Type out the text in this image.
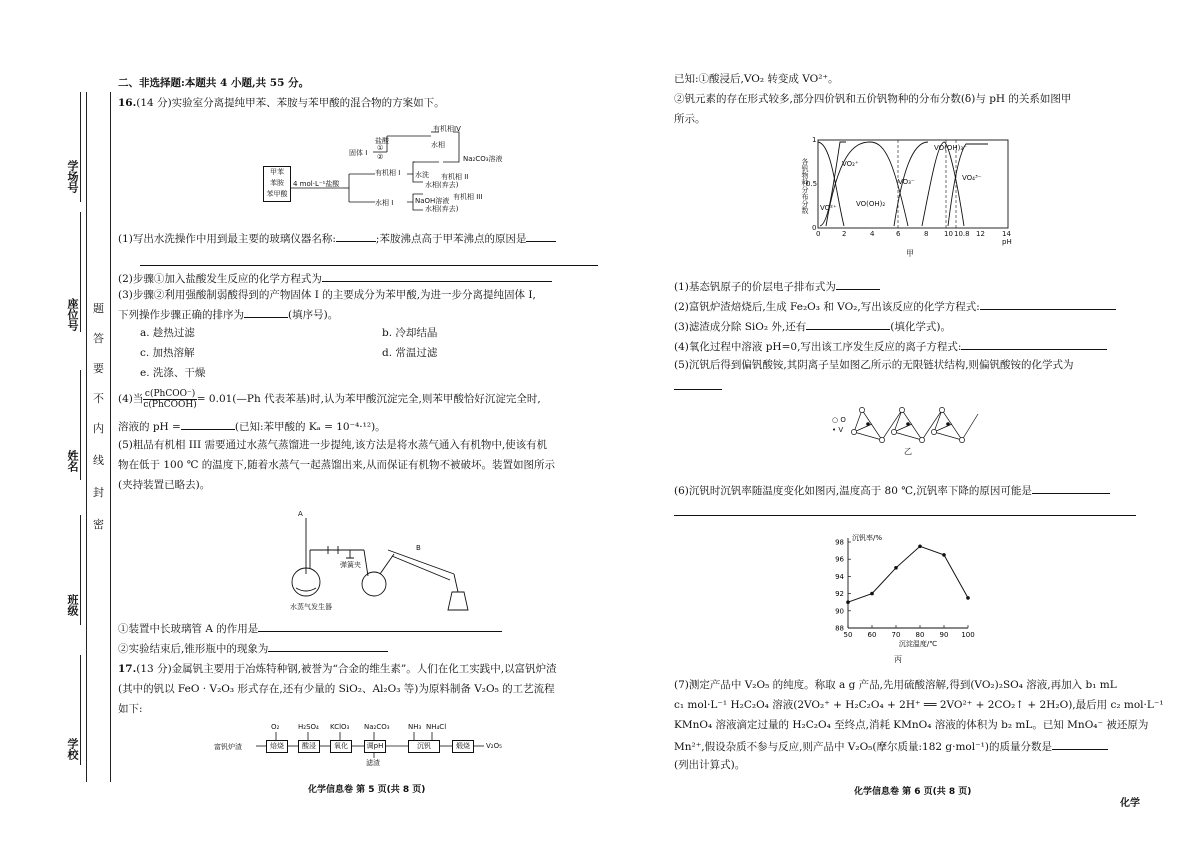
学场号
座位号
姓名
班级
学校
题
答
要
不
内
线
封
密
二、非选择题:本题共 4 小题,共 55 分。
16.(14 分)实验室分离提纯甲苯、苯胺与苯甲酸的混合物的方案如下。
甲苯
苯胺
苯甲酸
4 mol·L⁻¹盐酸
有机相 I
水相 I
固体 I
盐酸
①
②
有机相IV
水相
Na₂CO₃溶液
水洗 有机相 II
水相(弃去)
NaOH溶液 有机相 III
水相(弃去)
(1)写出水洗操作中用到最主要的玻璃仪器名称:	;苯胺沸点高于甲苯沸点的原因是
(2)步骤①加入盐酸发生反应的化学方程式为
(3)步骤②利用强酸制弱酸得到的产物固体 I 的主要成分为苯甲酸,为进一步分离提纯固体 I,
下列操作步骤正确的排序为	(填序号)。
a. 趁热过滤	b. 冷却结晶
c. 加热溶解	d. 常温过滤
e. 洗涤、干燥
(4)当 $\frac{\text{c(PhCOO⁻)}}{\text{c(PhCOOH)}}$ = 0.01(—Ph 代表苯基)时,认为苯甲酸沉淀完全,则苯甲酸恰好沉淀完全时,
溶液的 pH =	(已知:苯甲酸的 Kₐ = 10⁻⁴·¹²)。
(5)粗品有机相 III 需要通过水蒸气蒸馏进一步提纯,该方法是将水蒸气通入有机物中,使该有机
物在低于 100 ℃ 的温度下,随着水蒸气一起蒸馏出来,从而保证有机物不被破坏。装置如图所示
(夹持装置已略去)。
A
B
弹簧夹
水蒸气发生器
①装置中长玻璃管 A 的作用是
②实验结束后,锥形瓶中的现象为
17.(13 分)金属钒主要用于冶炼特种钢,被誉为“合金的维生素”。人们在化工实践中,以富钒炉渣
(其中的钒以 FeO · V₂O₃ 形式存在,还有少量的 SiO₂、Al₂O₃ 等)为原料制备 V₂O₅ 的工艺流程
如下:
富钒炉渣
O₂	H₂SO₄ KClO₃ Na₂CO₃	NH₃ NH₄Cl
焙烧	酸浸	氧化	调pH	沉钒	煅烧
滤渣
V₂O₅
化学信息卷 第 5 页(共 8 页)
已知:①酸浸后,VO₂ 转变成 VO²⁺。
②钒元素的存在形式较多,部分四价钒和五价钒物种的分布分数(δ)与 pH 的关系如图甲
所示。
各钒物种分布分数
0
0.5
1
0	2	4	6	8 10 10.8 12 14
pH
VO₂⁺
VO²⁺	VO(OH)₂
VO₃⁻
VO(OH)₃⁻
VO₄³⁻
甲
(1)基态钒原子的价层电子排布式为
(2)富钒炉渣焙烧后,生成 Fe₂O₃ 和 VO₂,写出该反应的化学方程式:
(3)滤渣成分除 SiO₂ 外,还有	(填化学式)。
(4)氧化过程中溶液 pH=0,写出该工序发生反应的离子方程式:
(5)沉钒后得到偏钒酸铵,其阴离子呈如图乙所示的无限链状结构,则偏钒酸铵的化学式为
○ O
• V
乙
(6)沉钒时沉钒率随温度变化如图丙,温度高于 80 ℃,沉钒率下降的原因可能是
88
90
92
94
96
98
50 60 70 80 90 100
沉钒率/%
沉淀温度/℃
丙
(7)测定产品中 V₂O₅ 的纯度。称取 a g 产品,先用硫酸溶解,得到(VO₂)₂SO₄ 溶液,再加入 b₁ mL
c₁ mol·L⁻¹ H₂C₂O₄ 溶液(2VO₂⁺ + H₂C₂O₄ + 2H⁺ ══ 2VO²⁺ + 2CO₂↑ + 2H₂O),最后用 c₂ mol·L⁻¹
KMnO₄ 溶液滴定过量的 H₂C₂O₄ 至终点,消耗 KMnO₄ 溶液的体积为 b₂ mL。已知 MnO₄⁻ 被还原为
Mn²⁺,假设杂质不参与反应,则产品中 V₂O₅(摩尔质量:182 g·mol⁻¹)的质量分数是
(列出计算式)。
化学信息卷 第 6 页(共 8 页)
化学
